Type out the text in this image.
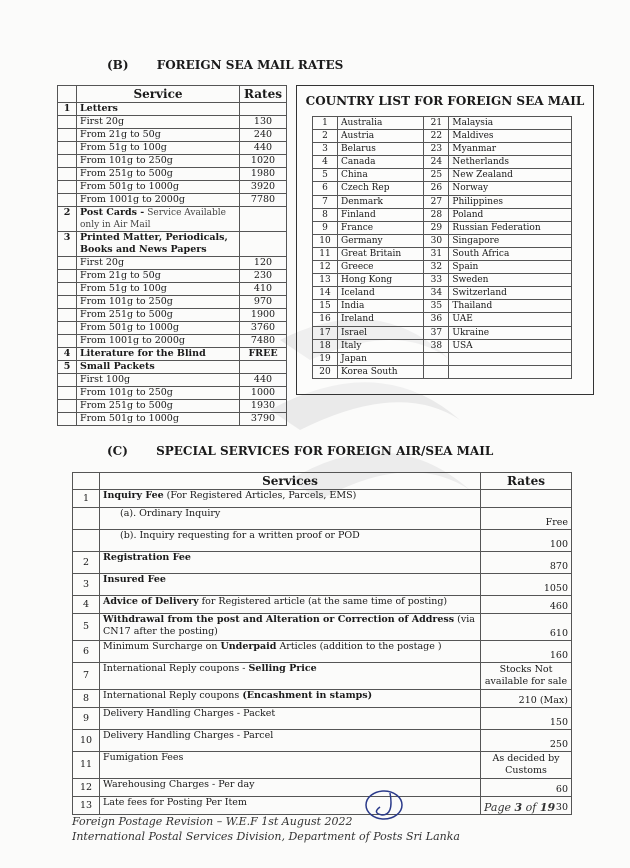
(B) FOREIGN SEA MAIL RATES
	Service	Rates
1	Letters	
	First 20g	130
	From 21g to 50g	240
	From 51g to 100g	440
	From 101g to 250g	1020
	From 251g to 500g	1980
	From 501g to 1000g	3920
	From 1001g to 2000g	7780
2	Post Cards - Service Available only in Air Mail	
3	Printed Matter, Periodicals, Books and News Papers	
	First 20g	120
	From 21g to 50g	230
	From 51g to 100g	410
	From 101g to 250g	970
	From 251g to 500g	1900
	From 501g to 1000g	3760
	From 1001g to 2000g	7480
4	Literature for the Blind	FREE
5	Small Packets	
	First 100g	440
	From 101g to 250g	1000
	From 251g to 500g	1930
	From 501g to 1000g	3790
COUNTRY LIST FOR FOREIGN SEA MAIL
1	Australia	21	Malaysia
2	Austria	22	Maldives
3	Belarus	23	Myanmar
4	Canada	24	Netherlands
5	China	25	New Zealand
6	Czech Rep	26	Norway
7	Denmark	27	Philippines
8	Finland	28	Poland
9	France	29	Russian Federation
10	Germany	30	Singapore
11	Great Britain	31	South Africa
12	Greece	32	Spain
13	Hong Kong	33	Sweden
14	Iceland	34	Switzerland
15	India	35	Thailand
16	Ireland	36	UAE
17	Israel	37	Ukraine
18	Italy	38	USA
19	Japan		
20	Korea South		
(C) SPECIAL SERVICES FOR FOREIGN AIR/SEA MAIL
	Services	Rates
1	Inquiry Fee (For Registered Articles, Parcels, EMS)	
	(a). Ordinary Inquiry	Free
	(b). Inquiry requesting for a written proof or POD	100
2	Registration Fee	870
3	Insured Fee	1050
4	Advice of Delivery for Registered article (at the same time of posting)	460
5	Withdrawal from the post and Alteration or Correction of Address (via CN17 after the posting)	610
6	Minimum Surcharge on Underpaid Articles (addition to the postage )	160
7	International Reply coupons - Selling Price	Stocks Not available for sale
8	International Reply coupons (Encashment in stamps)	210 (Max)
9	Delivery Handling Charges - Packet	150
10	Delivery Handling Charges - Parcel	250
11	Fumigation Fees	As decided by Customs
12	Warehousing Charges - Per day	60
13	Late fees for Posting Per Item	30
Page 3 of 19
Foreign Postage Revision – W.E.F 1st August 2022
International Postal Services Division, Department of Posts Sri Lanka
